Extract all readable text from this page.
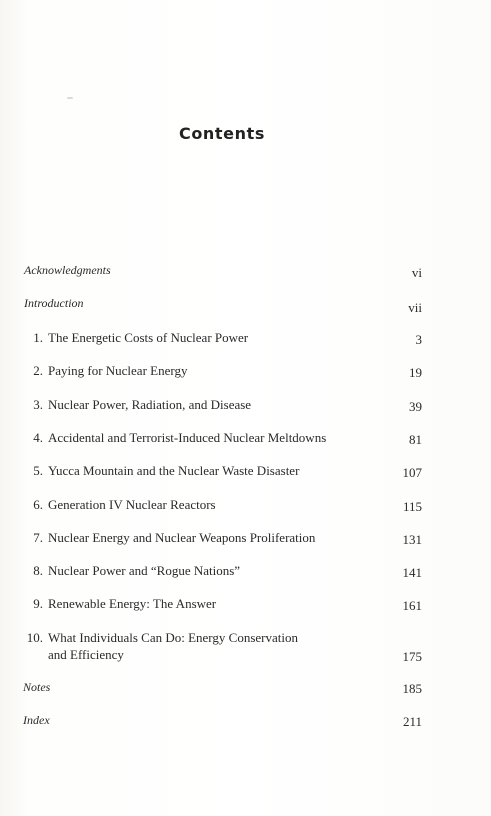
Contents
Acknowledgments	vi
Introduction	vii
1. The Energetic Costs of Nuclear Power	3
2. Paying for Nuclear Energy	19
3. Nuclear Power, Radiation, and Disease	39
4. Accidental and Terrorist-Induced Nuclear Meltdowns	81
5. Yucca Mountain and the Nuclear Waste Disaster	107
6. Generation IV Nuclear Reactors	115
7. Nuclear Energy and Nuclear Weapons Proliferation	131
8. Nuclear Power and “Rogue Nations”	141
9. Renewable Energy: The Answer	161
10. What Individuals Can Do: Energy Conservation
and Efficiency	175
Notes	185
Index	211
